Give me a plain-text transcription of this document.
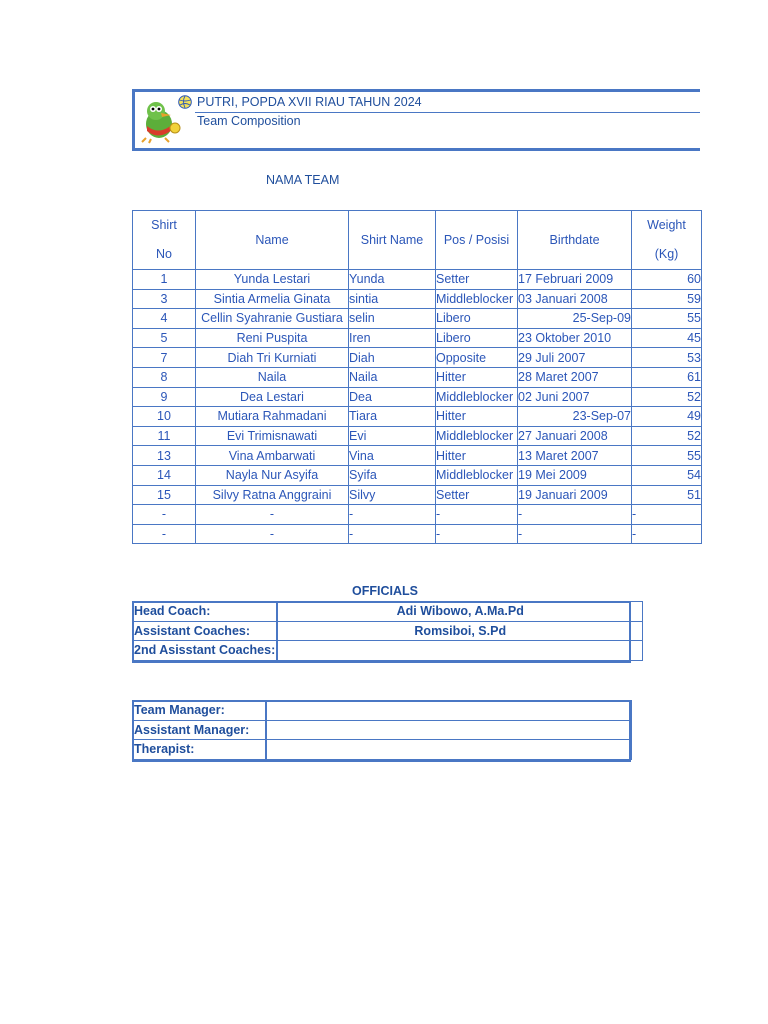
PUTRI, POPDA XVII RIAU TAHUN 2024
Team Composition
NAMA TEAM
Shirt
No	Name	Shirt Name	Pos / Posisi	Birthdate	Weight
(Kg)
1	Yunda Lestari	Yunda	Setter	17 Februari 2009	60
3	Sintia Armelia Ginata	sintia	Middleblocker	03 Januari 2008	59
4	Cellin Syahranie Gustiara	selin	Libero	25-Sep-09	55
5	Reni Puspita	Iren	Libero	23 Oktober 2010	45
7	Diah Tri Kurniati	Diah	Opposite	29 Juli 2007	53
8	Naila	Naila	Hitter	28 Maret 2007	61
9	Dea Lestari	Dea	Middleblocker	02 Juni 2007	52
10	Mutiara Rahmadani	Tiara	Hitter	23-Sep-07	49
11	Evi Trimisnawati	Evi	Middleblocker	27 Januari 2008	52
13	Vina Ambarwati	Vina	Hitter	13 Maret 2007	55
14	Nayla Nur Asyifa	Syifa	Middleblocker	19 Mei 2009	54
15	Silvy Ratna Anggraini	Silvy	Setter	19 Januari 2009	51
-	-	-	-	-	-
-	-	-	-	-	-
OFFICIALS
Head Coach:	Adi Wibowo, A.Ma.Pd
Assistant Coaches:	Romsiboi, S.Pd
2nd Asisstant Coaches:	
Team Manager:	
Assistant Manager:	
Therapist:	
